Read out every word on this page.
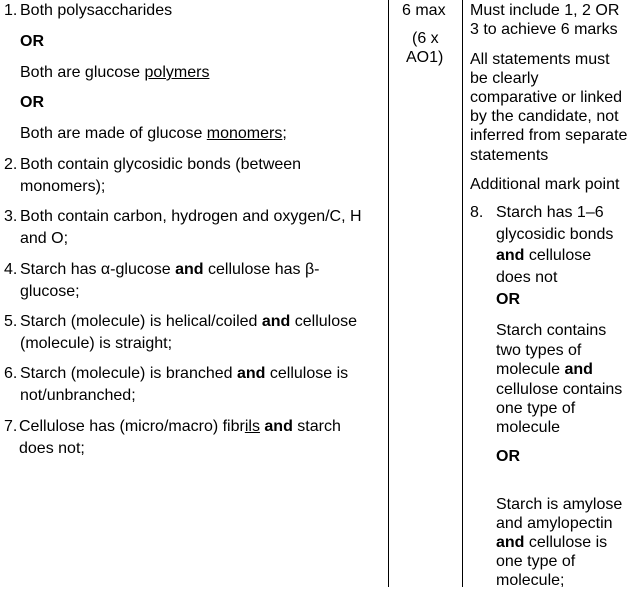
1. Both polysaccharides
OR
Both are glucose polymers
OR
Both are made of glucose monomers;
2. Both contain glycosidic bonds (between
monomers);
3. Both contain carbon, hydrogen and oxygen/C, H
and O;
4. Starch has α-glucose and cellulose has β-
glucose;
5. Starch (molecule) is helical/coiled and cellulose
(molecule) is straight;
6. Starch (molecule) is branched and cellulose is
not/unbranched;
7. Cellulose has (micro/macro) fibrils and starch
does not;
6 max
(6 x
AO1)
Must include 1, 2 OR
3 to achieve 6 marks
All statements must
be clearly
comparative or linked
by the candidate, not
inferred from separate
statements
Additional mark point
8. Starch has 1–6
glycosidic bonds
and cellulose
does not
OR
Starch contains
two types of
molecule and
cellulose contains
one type of
molecule
OR
Starch is amylose
and amylopectin
and cellulose is
one type of
molecule;
